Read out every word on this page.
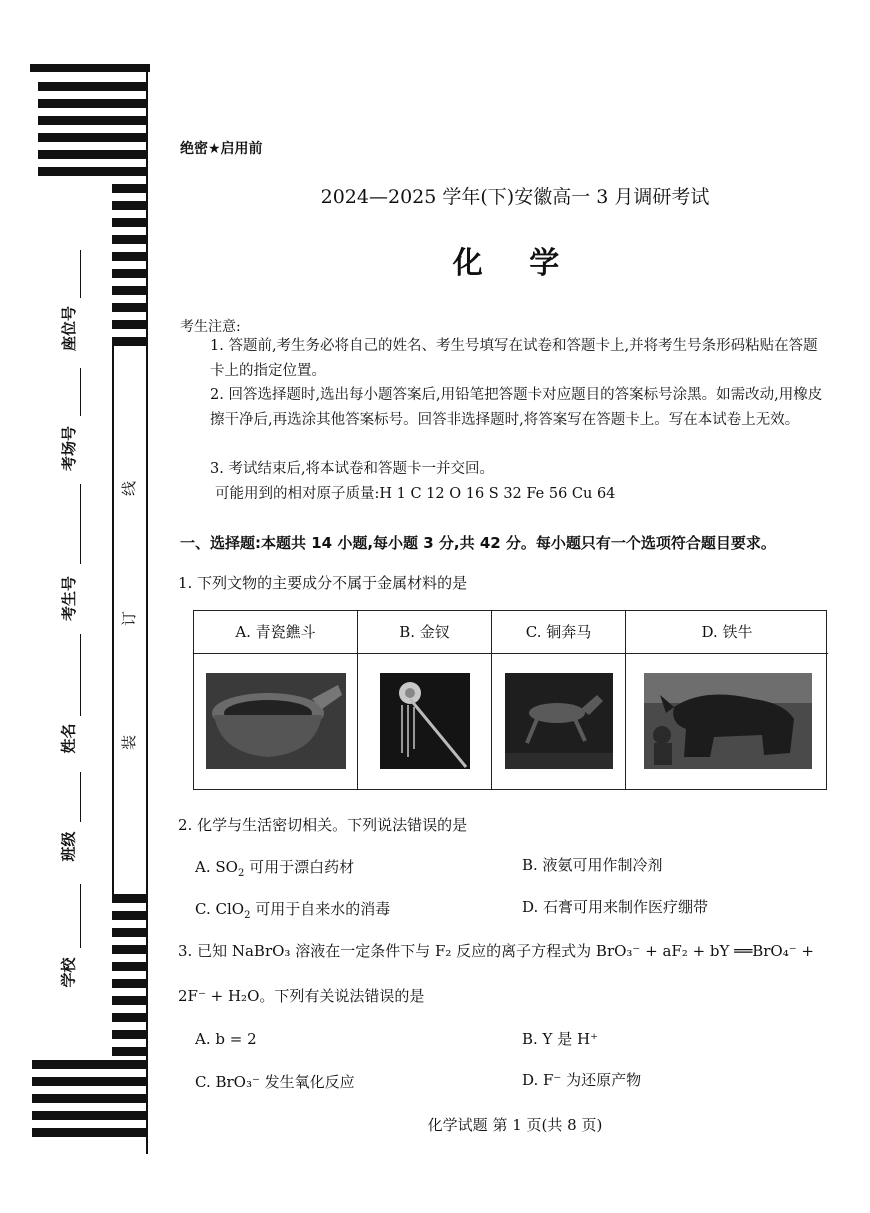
座位号
考场号
考生号
姓名
班级
学校
线
订
装
绝密★启用前
2024—2025 学年(下)安徽高一 3 月调研考试
化 学
考生注意:
1. 答题前,考生务必将自己的姓名、考生号填写在试卷和答题卡上,并将考生号条形码粘贴在答题卡上的指定位置。
2. 回答选择题时,选出每小题答案后,用铅笔把答题卡对应题目的答案标号涂黑。如需改动,用橡皮擦干净后,再选涂其他答案标号。回答非选择题时,将答案写在答题卡上。写在本试卷上无效。
3. 考试结束后,将本试卷和答题卡一并交回。
可能用到的相对原子质量:H 1 C 12 O 16 S 32 Fe 56 Cu 64
一、选择题:本题共 14 小题,每小题 3 分,共 42 分。每小题只有一个选项符合题目要求。
1. 下列文物的主要成分不属于金属材料的是
A. 青瓷鐎斗	B. 金钗	C. 铜奔马	D. 铁牛
2. 化学与生活密切相关。下列说法错误的是
A. $SO_2$ 可用于漂白药材	B. 液氨可用作制冷剂
C. ClO$_2$ 可用于自来水的消毒	D. 石膏可用来制作医疗绷带
3. 已知 NaBrO₃ 溶液在一定条件下与 F₂ 反应的离子方程式为 BrO₃⁻ + aF₂ + bY ══BrO₄⁻ +
2F⁻ + H₂O。下列有关说法错误的是
A. b = 2	B. Y 是 H⁺
C. BrO₃⁻ 发生氧化反应	D. F⁻ 为还原产物
化学试题 第 1 页(共 8 页)
